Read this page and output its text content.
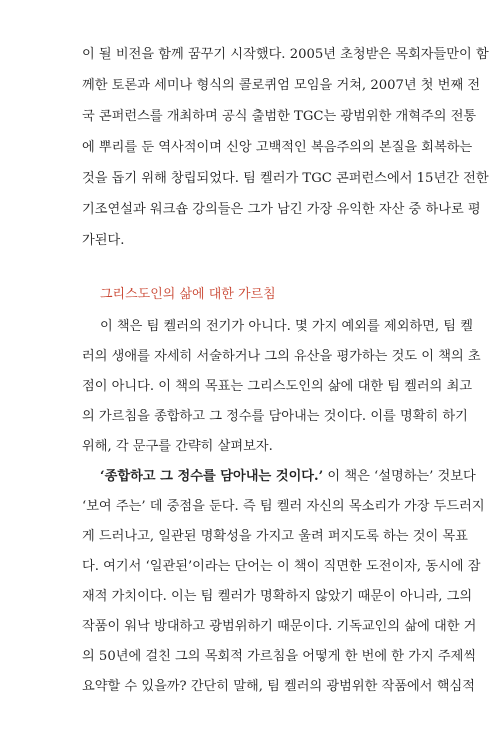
이 될 비전을 함께 꿈꾸기 시작했다. 2005년 초청받은 목회자들만이 함
께한 토론과 세미나 형식의 콜로퀴엄 모임을 거쳐, 2007년 첫 번째 전
국 콘퍼런스를 개최하며 공식 출범한 TGC는 광범위한 개혁주의 전통
에 뿌리를 둔 역사적이며 신앙 고백적인 복음주의의 본질을 회복하는
것을 돕기 위해 창립되었다. 팀 켈러가 TGC 콘퍼런스에서 15년간 전한
기조연설과 워크숍 강의들은 그가 남긴 가장 유익한 자산 중 하나로 평
가된다.
그리스도인의 삶에 대한 가르침
이 책은 팀 켈러의 전기가 아니다. 몇 가지 예외를 제외하면, 팀 켈
러의 생애를 자세히 서술하거나 그의 유산을 평가하는 것도 이 책의 초
점이 아니다. 이 책의 목표는 그리스도인의 삶에 대한 팀 켈러의 최고
의 가르침을 종합하고 그 정수를 담아내는 것이다. 이를 명확히 하기
위해, 각 문구를 간략히 살펴보자.
‘종합하고 그 정수를 담아내는 것이다.’ 이 책은 ‘설명하는’ 것보다
‘보여 주는’ 데 중점을 둔다. 즉 팀 켈러 자신의 목소리가 가장 두드러지
게 드러나고, 일관된 명확성을 가지고 울려 퍼지도록 하는 것이 목표
다. 여기서 ‘일관된’이라는 단어는 이 책이 직면한 도전이자, 동시에 잠
재적 가치이다. 이는 팀 켈러가 명확하지 않았기 때문이 아니라, 그의
작품이 워낙 방대하고 광범위하기 때문이다. 기독교인의 삶에 대한 거
의 50년에 걸친 그의 목회적 가르침을 어떻게 한 번에 한 가지 주제씩
요약할 수 있을까? 간단히 말해, 팀 켈러의 광범위한 작품에서 핵심적
